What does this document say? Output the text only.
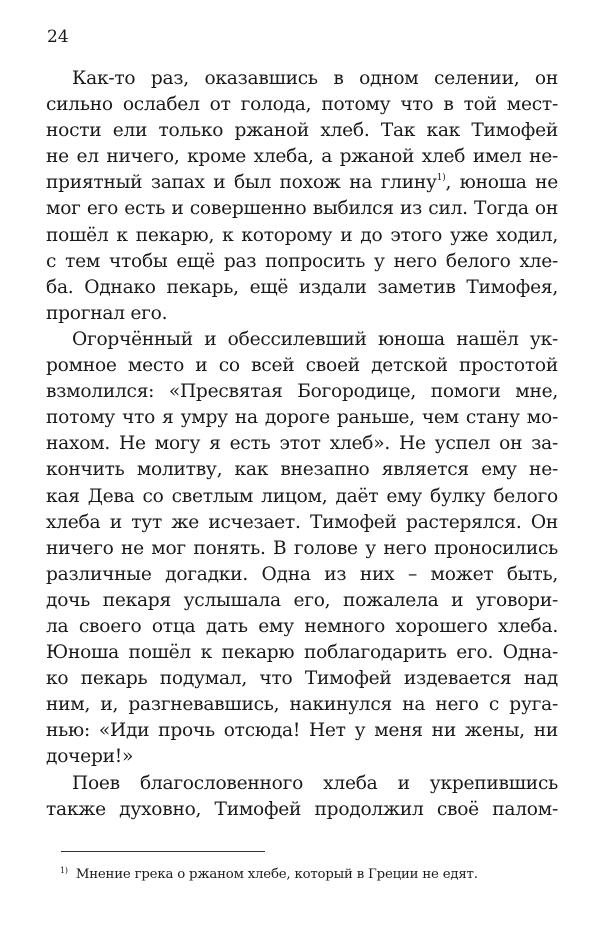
24
Как-то раз, оказавшись в одном селении, он
сильно ослабел от голода, потому что в той мест-
ности ели только ржаной хлеб. Так как Тимофей
не ел ничего, кроме хлеба, а ржаной хлеб имел не-
приятный запах и был похож на глину$^{1)}$, юноша не
мог его есть и совершенно выбился из сил. Тогда он
пошёл к пекарю, к которому и до этого уже ходил,
с тем чтобы ещё раз попросить у него белого хле-
ба. Однако пекарь, ещё издали заметив Тимофея,
прогнал его.
Огорчённый и обессилевший юноша нашёл ук-
ромное место и со всей своей детской простотой
взмолился: «Пресвятая Богородице, помоги мне,
потому что я умру на дороге раньше, чем стану мо-
нахом. Не могу я есть этот хлеб». Не успел он за-
кончить молитву, как внезапно является ему не-
кая Дева со светлым лицом, даёт ему булку белого
хлеба и тут же исчезает. Тимофей растерялся. Он
ничего не мог понять. В голове у него проносились
различные догадки. Одна из них – может быть,
дочь пекаря услышала его, пожалела и уговори-
ла своего отца дать ему немного хорошего хлеба.
Юноша пошёл к пекарю поблагодарить его. Одна-
ко пекарь подумал, что Тимофей издевается над
ним, и, разгневавшись, накинулся на него с руга-
нью: «Иди прочь отсюда! Нет у меня ни жены, ни
дочери!»
Поев благословенного хлеба и укрепившись
также духовно, Тимофей продолжил своё палом-
$^{1)}$ Мнение грека о ржаном хлебе, который в Греции не едят.
